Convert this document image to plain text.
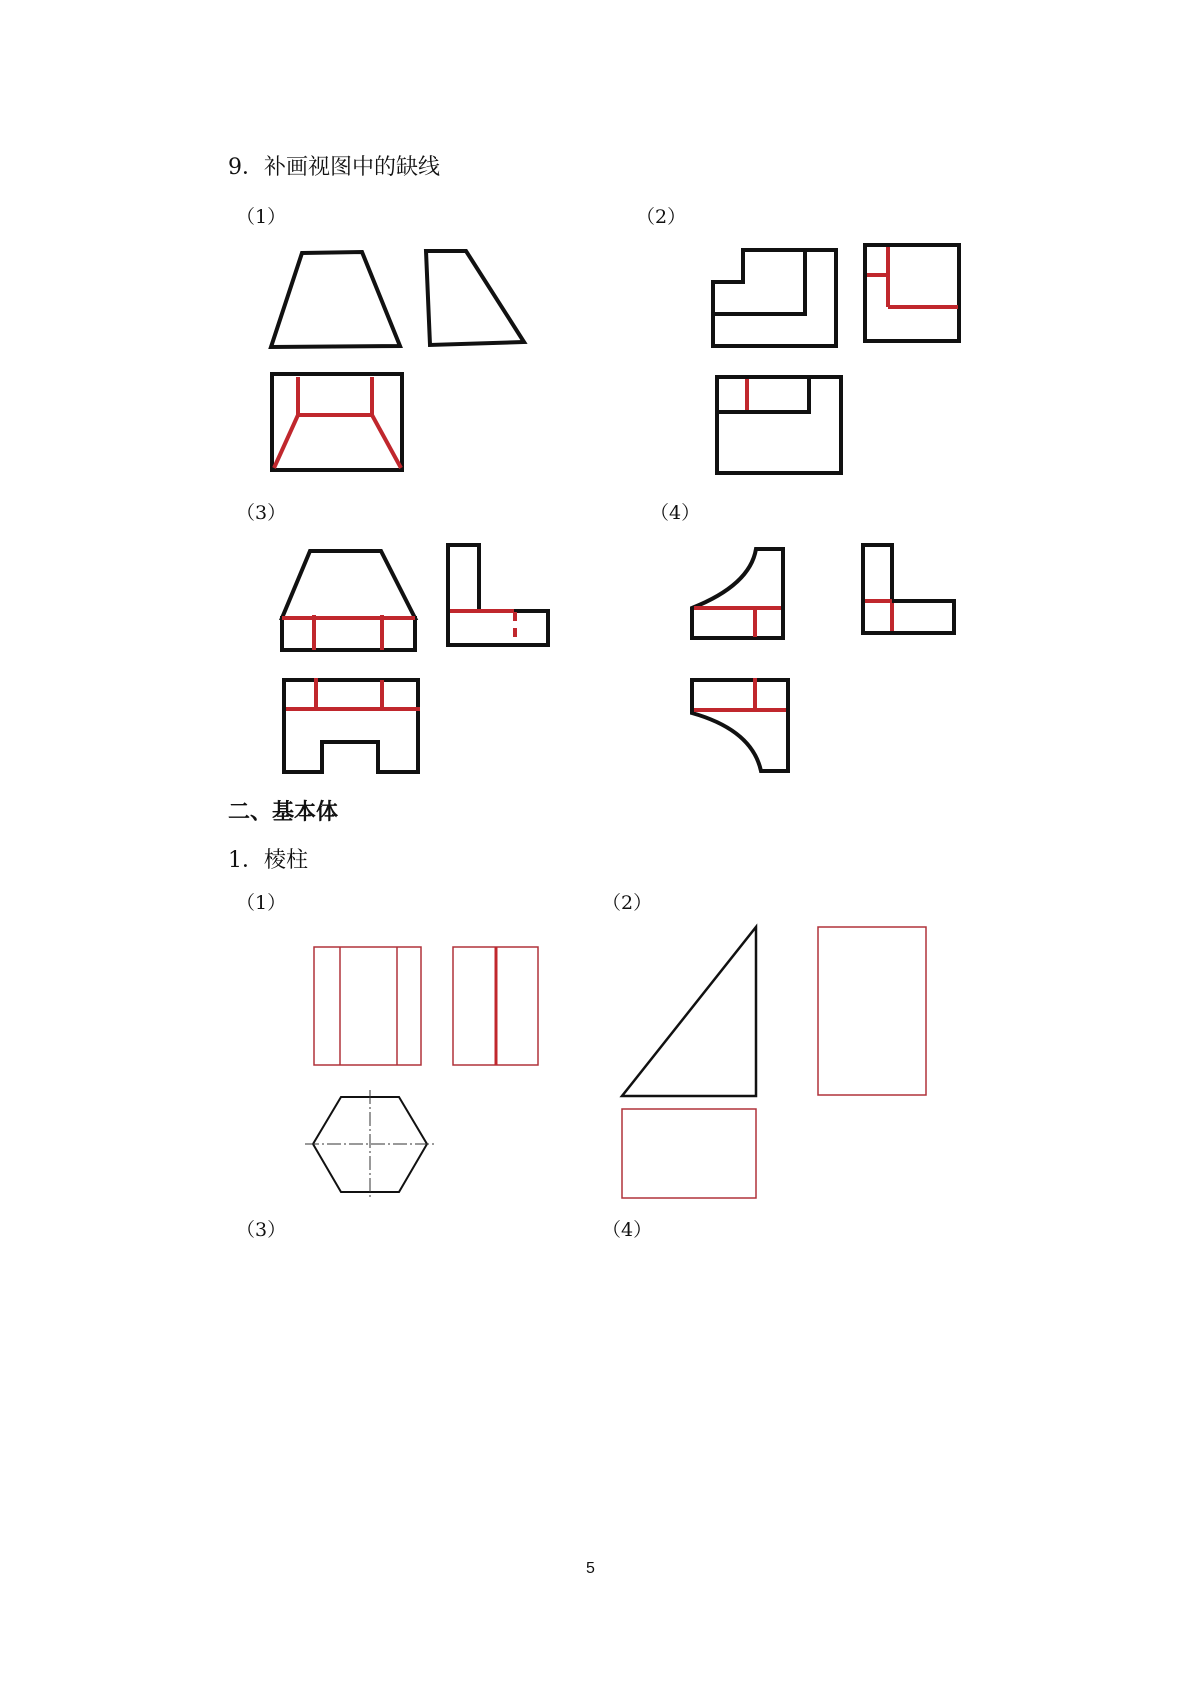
9．补画视图中的缺线
（1）	（2）
（3）	（4）
二、基本体
1．棱柱
（1）	（2）
（3）	（4）
5
